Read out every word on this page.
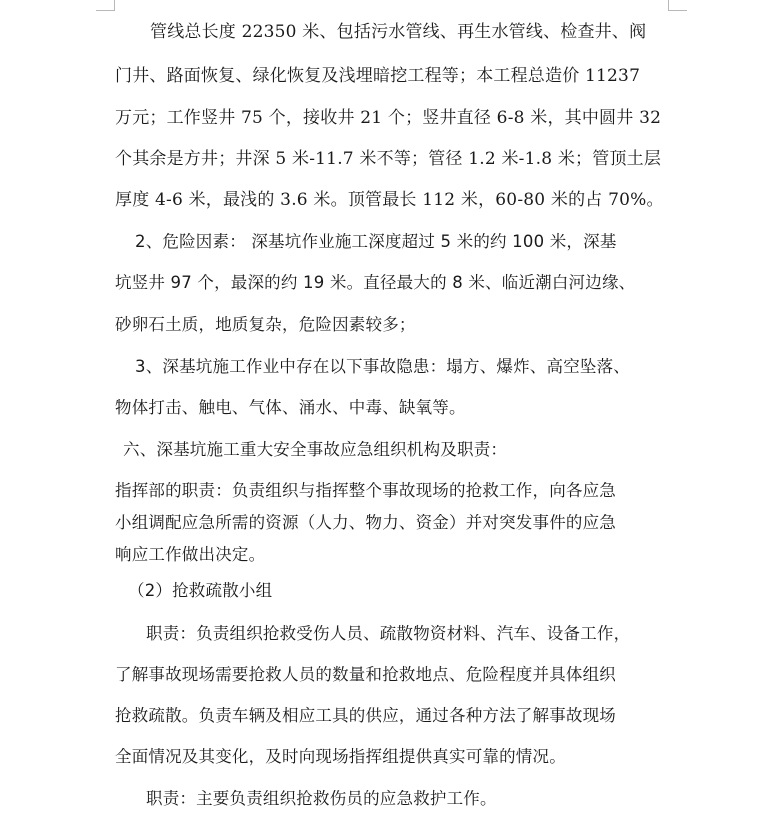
管线总长度 22350 米、包括污水管线、再生水管线、检查井、阀
门井、路面恢复、绿化恢复及浅埋暗挖工程等；本工程总造价 11237
万元；工作竖井 75 个，接收井 21 个；竖井直径 6-8 米，其中圆井 32
个其余是方井；井深 5 米-11.7 米不等；管径 1.2 米-1.8 米；管顶土层
厚度 4-6 米，最浅的 3.6 米。顶管最长 112 米，60-80 米的占 70%。
2、危险因素： 深基坑作业施工深度超过 5 米的约 100 米，深基
坑竖井 97 个，最深的约 19 米。直径最大的 8 米、临近潮白河边缘、
砂卵石土质，地质复杂，危险因素较多；
3、深基坑施工作业中存在以下事故隐患：塌方、爆炸、高空坠落、
物体打击、触电、气体、涌水、中毒、缺氧等。
六、深基坑施工重大安全事故应急组织机构及职责：
指挥部的职责：负责组织与指挥整个事故现场的抢救工作，向各应急
小组调配应急所需的资源（人力、物力、资金）并对突发事件的应急
响应工作做出决定。
（2）抢救疏散小组
职责：负责组织抢救受伤人员、疏散物资材料、汽车、设备工作，
了解事故现场需要抢救人员的数量和抢救地点、危险程度并具体组织
抢救疏散。负责车辆及相应工具的供应，通过各种方法了解事故现场
全面情况及其变化，及时向现场指挥组提供真实可靠的情况。
职责：主要负责组织抢救伤员的应急救护工作。
